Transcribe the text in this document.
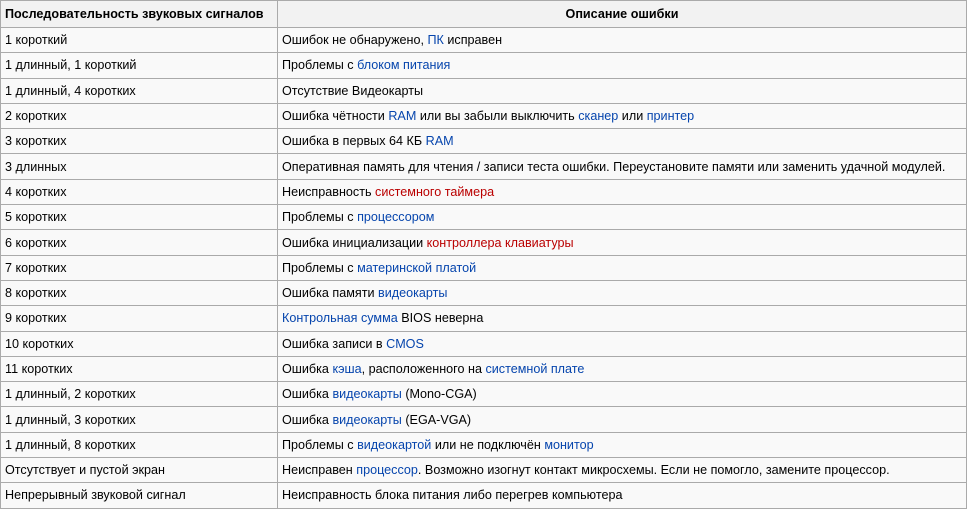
Последовательность звуковых сигналов	Описание ошибки
1 короткий	Ошибок не обнаружено, ПК исправен
1 длинный, 1 короткий	Проблемы с блоком питания
1 длинный, 4 коротких	Отсутствие Видеокарты
2 коротких	Ошибка чётности RAM или вы забыли выключить сканер или принтер
3 коротких	Ошибка в первых 64 КБ RAM
3 длинных	Оперативная память для чтения / записи теста ошибки. Переустановите памяти или заменить удачной модулей.
4 коротких	Неисправность системного таймера
5 коротких	Проблемы с процессором
6 коротких	Ошибка инициализации контроллера клавиатуры
7 коротких	Проблемы с материнской платой
8 коротких	Ошибка памяти видеокарты
9 коротких	Контрольная сумма BIOS неверна
10 коротких	Ошибка записи в CMOS
11 коротких	Ошибка кэша, расположенного на системной плате
1 длинный, 2 коротких	Ошибка видеокарты (Mono-CGA)
1 длинный, 3 коротких	Ошибка видеокарты (EGA-VGA)
1 длинный, 8 коротких	Проблемы с видеокартой или не подключён монитор
Отсутствует и пустой экран	Неисправен процессор. Возможно изогнут контакт микросхемы. Если не помогло, замените процессор.
Непрерывный звуковой сигнал	Неисправность блока питания либо перегрев компьютера
